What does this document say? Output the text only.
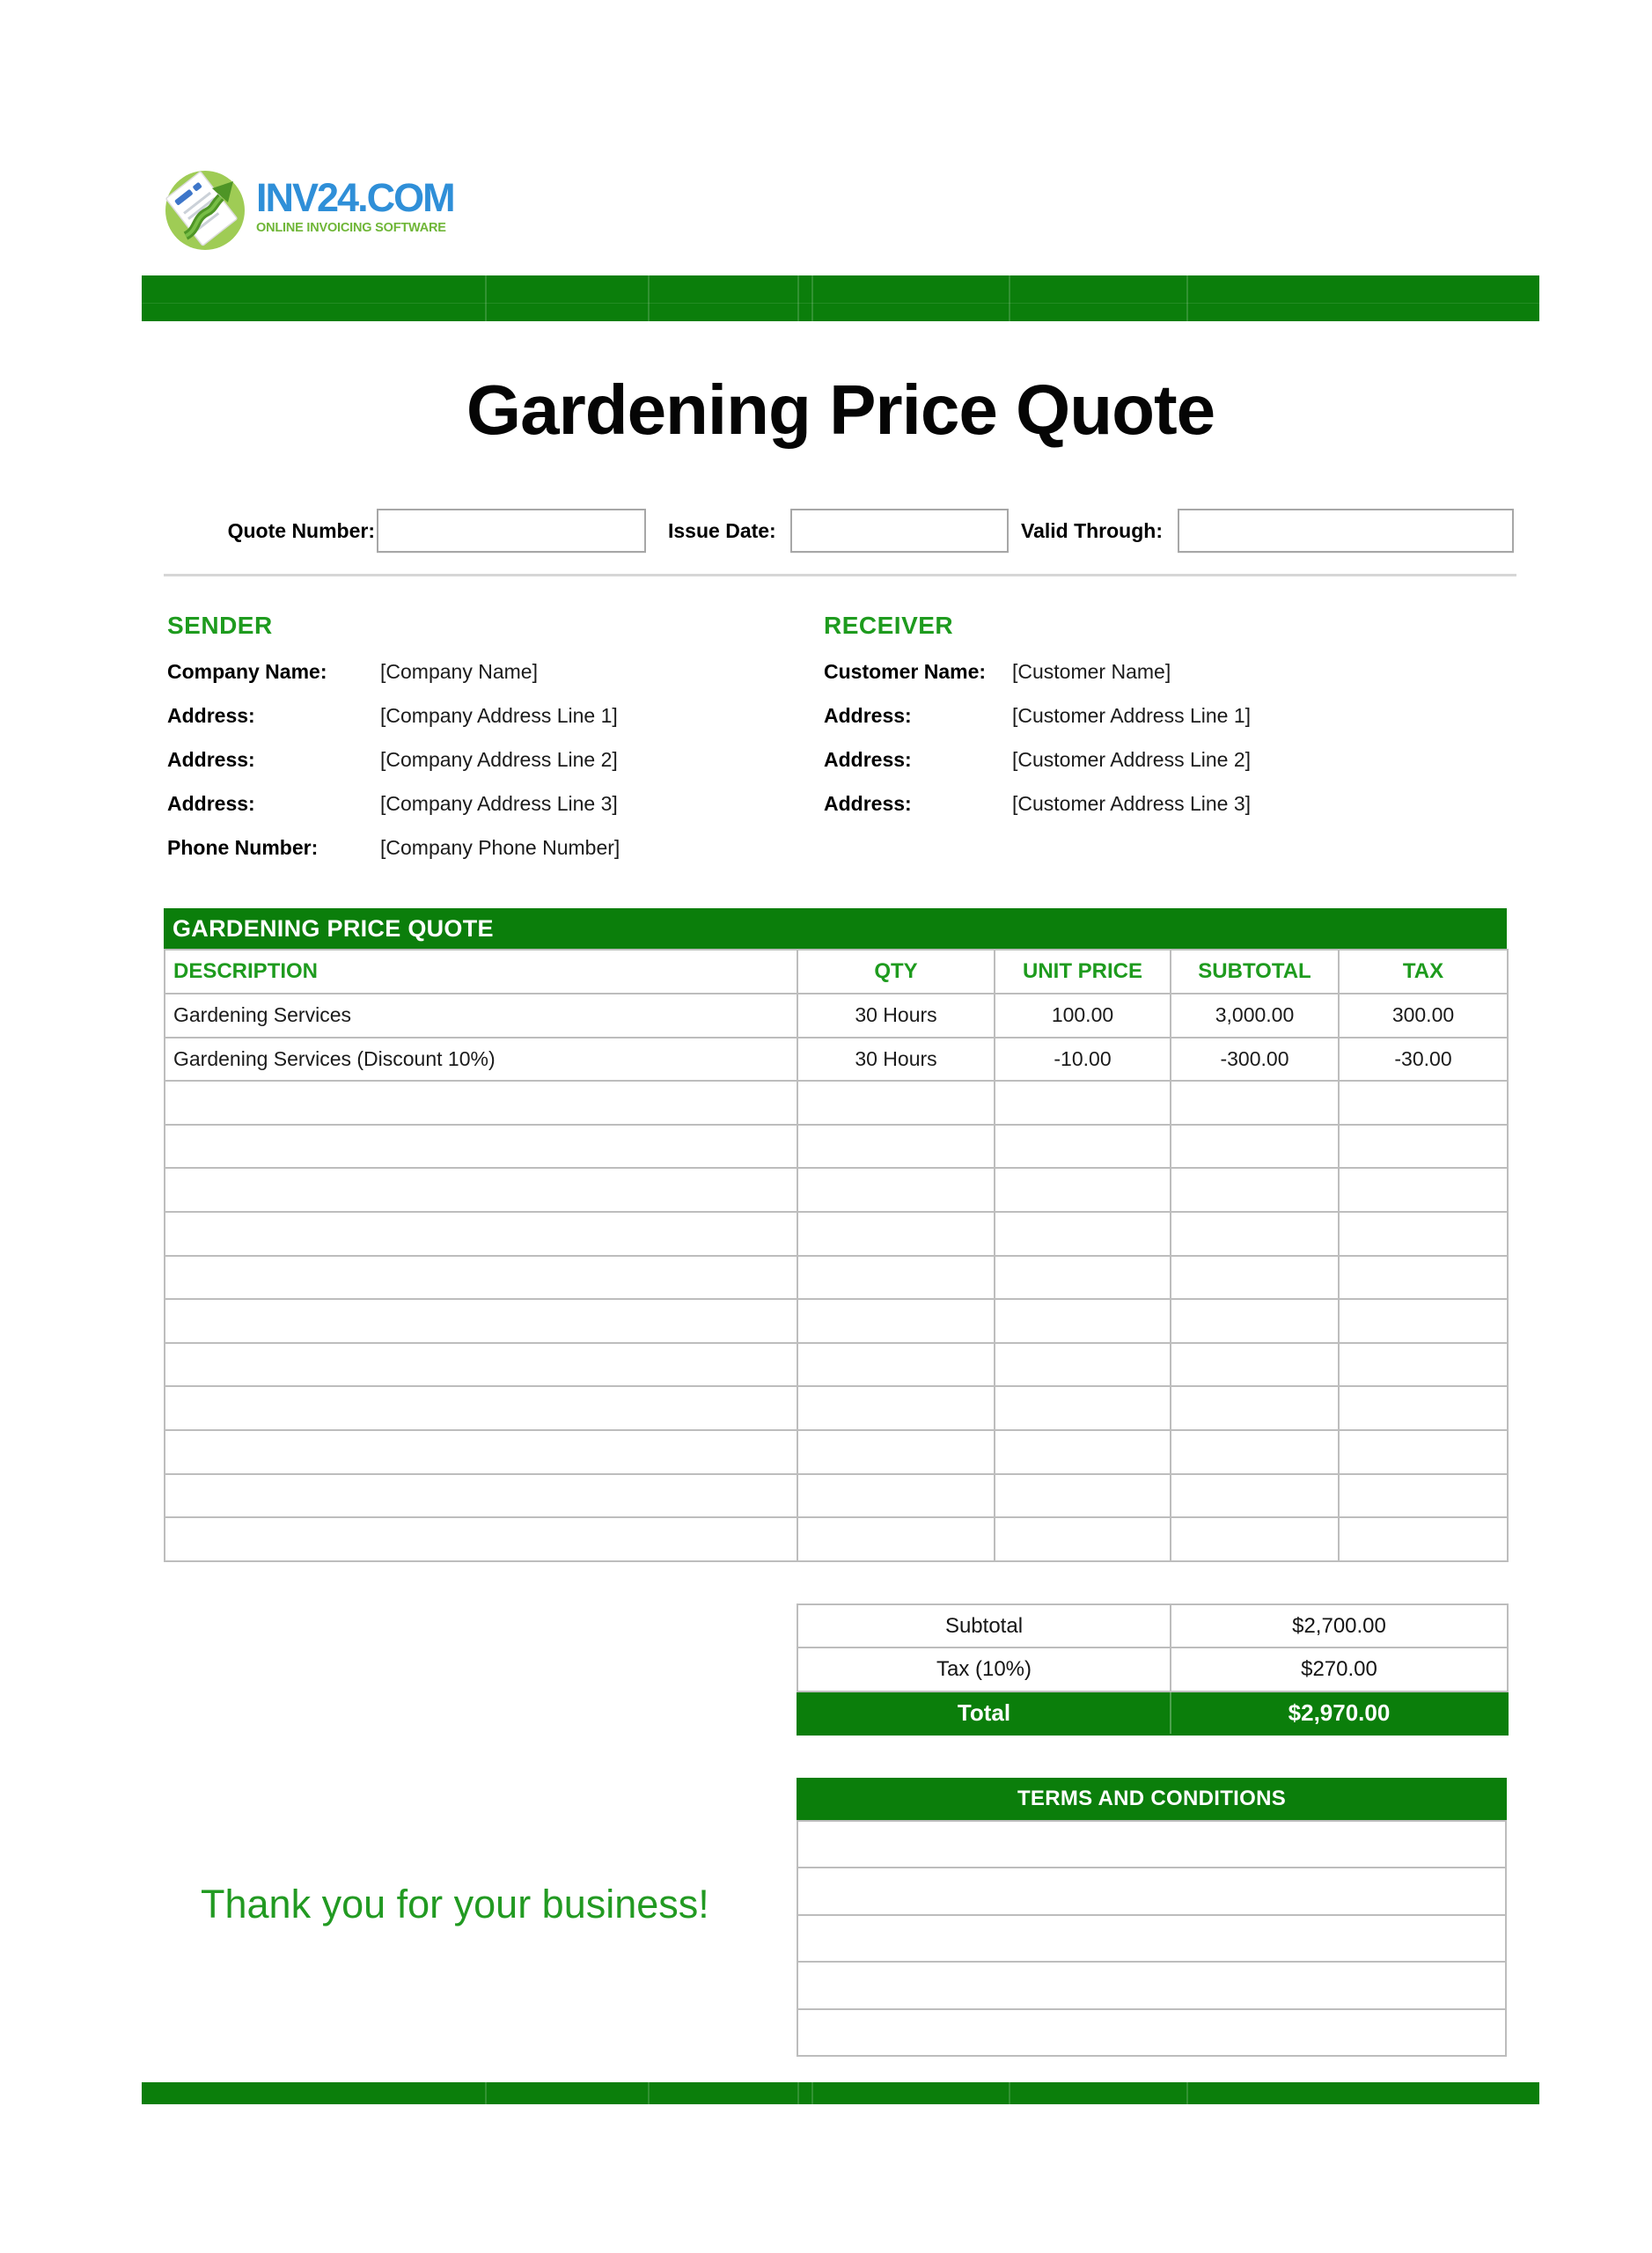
INV24.COM
ONLINE INVOICING SOFTWARE
Gardening Price Quote
Quote Number:	Issue Date:	Valid Through:
SENDER
Company Name:	[Company Name]
Address:	[Company Address Line 1]
Address:	[Company Address Line 2]
Address:	[Company Address Line 3]
Phone Number:	[Company Phone Number]
RECEIVER
Customer Name: [Customer Name]
Address:	[Customer Address Line 1]
Address:	[Customer Address Line 2]
Address:	[Customer Address Line 3]
GARDENING PRICE QUOTE
DESCRIPTION	QTY	UNIT PRICE	SUBTOTAL	TAX
Gardening Services	30 Hours	100.00	3,000.00	300.00
Gardening Services (Discount 10%)	30 Hours	-10.00	-300.00	-30.00

Subtotal	$2,700.00
Tax (10%)	$270.00
Total	$2,970.00
TERMS AND CONDITIONS

Thank you for your business!
